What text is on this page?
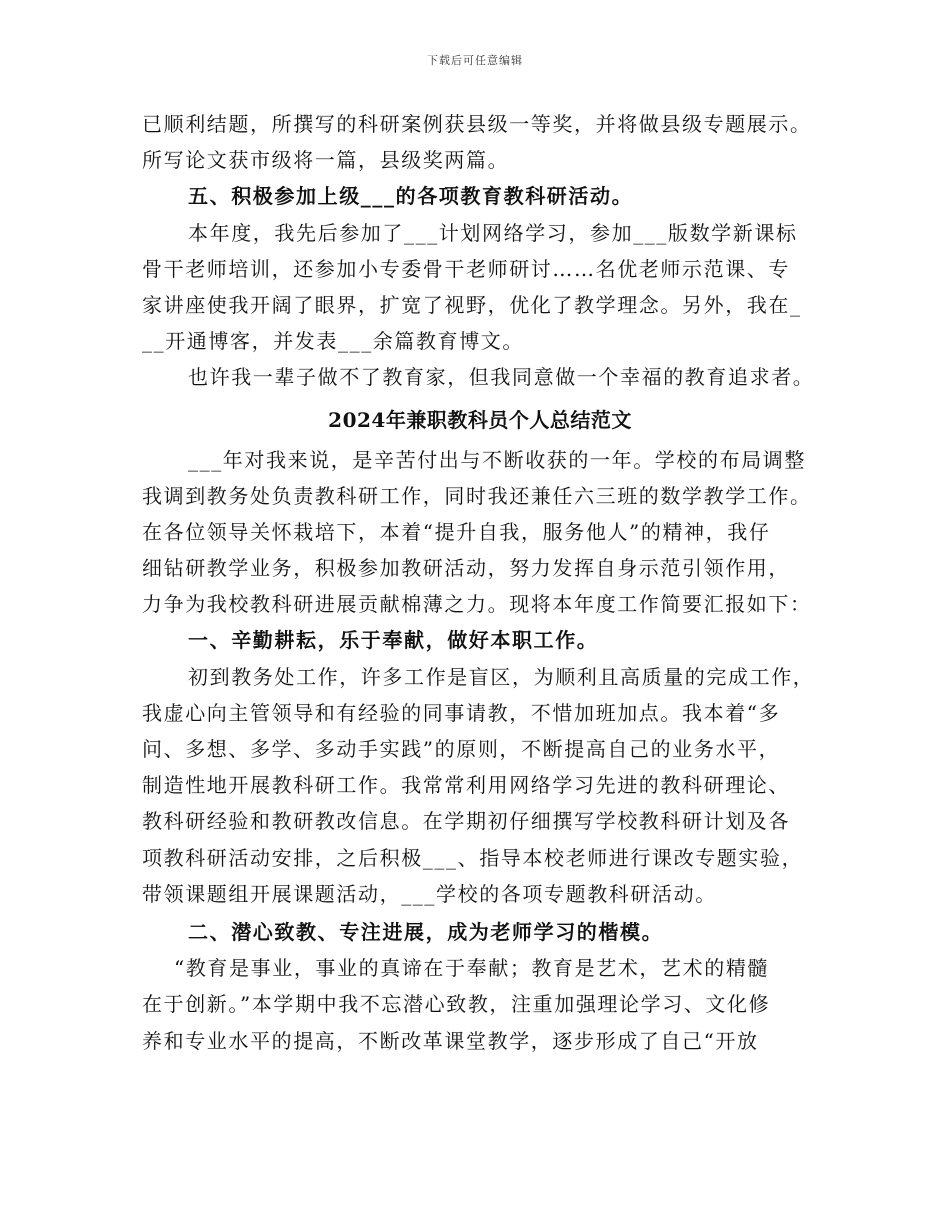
下载后可任意编辑
已顺利结题，所撰写的科研案例获县级一等奖，并将做县级专题展示。
所写论文获市级将一篇，县级奖两篇。
五、积极参加上级___的各项教育教科研活动。
本年度，我先后参加了___计划网络学习，参加___版数学新课标
骨干老师培训，还参加小专委骨干老师研讨……名优老师示范课、专
家讲座使我开阔了眼界，扩宽了视野，优化了教学理念。另外，我在_
__开通博客，并发表___余篇教育博文。
也许我一辈子做不了教育家，但我同意做一个幸福的教育追求者。
2024年兼职教科员个人总结范文
___年对我来说，是辛苦付出与不断收获的一年。学校的布局调整
我调到教务处负责教科研工作，同时我还兼任六三班的数学教学工作。
在各位领导关怀栽培下，本着“提升自我，服务他人”的精神，我仔
细钻研教学业务，积极参加教研活动，努力发挥自身示范引领作用，
力争为我校教科研进展贡献棉薄之力。现将本年度工作简要汇报如下：
一、辛勤耕耘，乐于奉献，做好本职工作。
初到教务处工作，许多工作是盲区，为顺利且高质量的完成工作，
我虚心向主管领导和有经验的同事请教，不惜加班加点。我本着“多
问、多想、多学、多动手实践”的原则，不断提高自己的业务水平，
制造性地开展教科研工作。我常常利用网络学习先进的教科研理论、
教科研经验和教研教改信息。在学期初仔细撰写学校教科研计划及各
项教科研活动安排，之后积极___、指导本校老师进行课改专题实验，
带领课题组开展课题活动，___学校的各项专题教科研活动。
二、潜心致教、专注进展，成为老师学习的楷模。
“教育是事业，事业的真谛在于奉献；教育是艺术，艺术的精髓
在于创新。”本学期中我不忘潜心致教，注重加强理论学习、文化修
养和专业水平的提高，不断改革课堂教学，逐步形成了自己“开放
